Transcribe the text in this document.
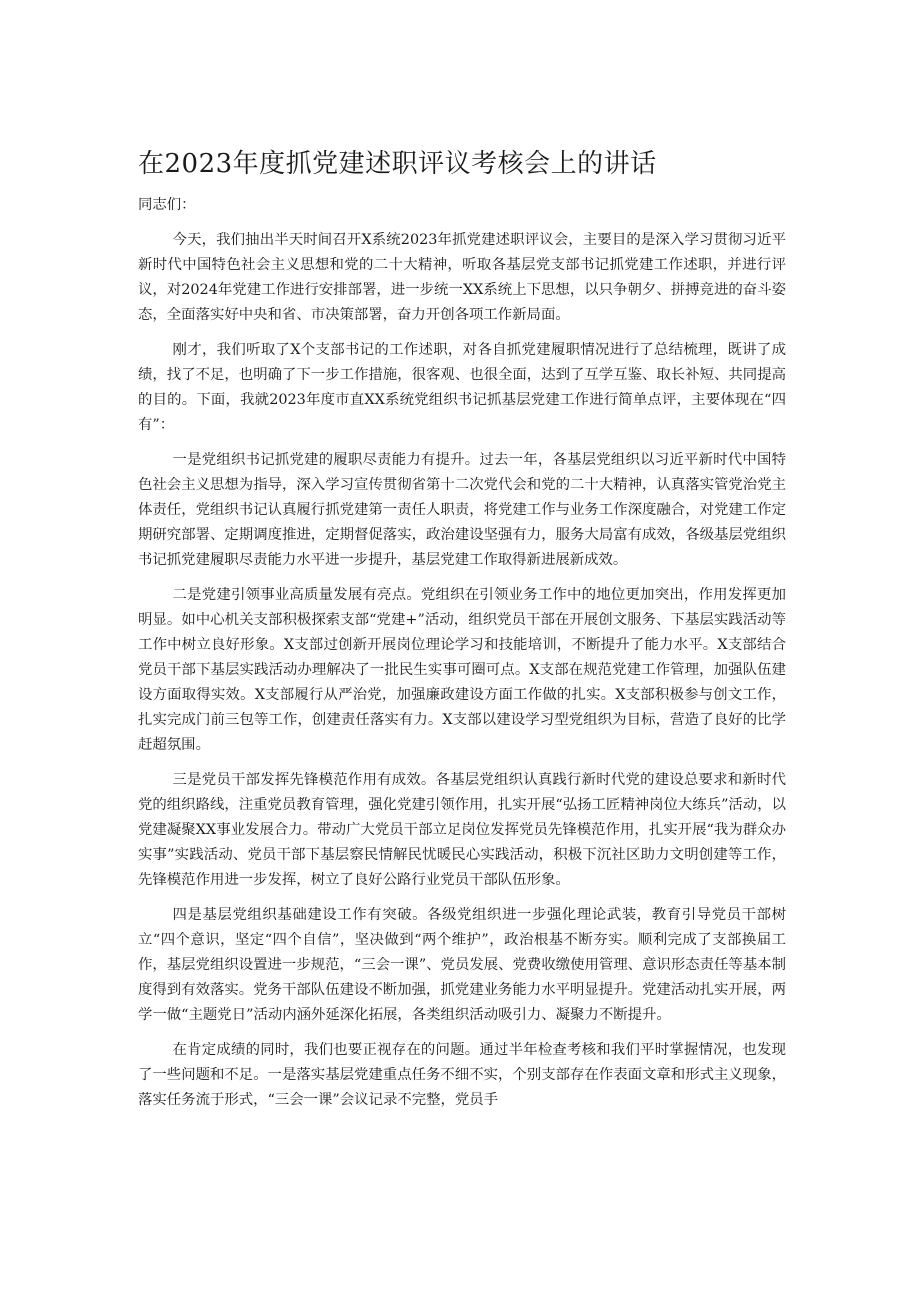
在2023年度抓党建述职评议考核会上的讲话

同志们：

今天，我们抽出半天时间召开X系统2023年抓党建述职评议会，主要目的是深入学习贯彻习近平新时代中国特色社会主义思想和党的二十大精神，听取各基层党支部书记抓党建工作述职，并进行评议，对2024年党建工作进行安排部署，进一步统一XX系统上下思想，以只争朝夕、拼搏竞进的奋斗姿态，全面落实好中央和省、市决策部署，奋力开创各项工作新局面。

刚才，我们听取了X个支部书记的工作述职，对各自抓党建履职情况进行了总结梳理，既讲了成绩，找了不足，也明确了下一步工作措施，很客观、也很全面，达到了互学互鉴、取长补短、共同提高的目的。下面，我就2023年度市直XX系统党组织书记抓基层党建工作进行简单点评，主要体现在“四有”：

一是党组织书记抓党建的履职尽责能力有提升。过去一年，各基层党组织以习近平新时代中国特色社会主义思想为指导，深入学习宣传贯彻省第十二次党代会和党的二十大精神，认真落实管党治党主体责任，党组织书记认真履行抓党建第一责任人职责，将党建工作与业务工作深度融合，对党建工作定期研究部署、定期调度推进，定期督促落实，政治建设坚强有力，服务大局富有成效，各级基层党组织书记抓党建履职尽责能力水平进一步提升，基层党建工作取得新进展新成效。

二是党建引领事业高质量发展有亮点。党组织在引领业务工作中的地位更加突出，作用发挥更加明显。如中心机关支部积极探索支部“党建+”活动，组织党员干部在开展创文服务、下基层实践活动等工作中树立良好形象。X支部过创新开展岗位理论学习和技能培训，不断提升了能力水平。X支部结合党员干部下基层实践活动办理解决了一批民生实事可圈可点。X支部在规范党建工作管理，加强队伍建设方面取得实效。X支部履行从严治党，加强廉政建设方面工作做的扎实。X支部积极参与创文工作，扎实完成门前三包等工作，创建责任落实有力。X支部以建设学习型党组织为目标，营造了良好的比学赶超氛围。

三是党员干部发挥先锋模范作用有成效。各基层党组织认真践行新时代党的建设总要求和新时代党的组织路线，注重党员教育管理，强化党建引领作用，扎实开展“弘扬工匠精神岗位大练兵”活动，以党建凝聚XX事业发展合力。带动广大党员干部立足岗位发挥党员先锋模范作用，扎实开展“我为群众办实事”实践活动、党员干部下基层察民情解民忧暖民心实践活动，积极下沉社区助力文明创建等工作，先锋模范作用进一步发挥，树立了良好公路行业党员干部队伍形象。

四是基层党组织基础建设工作有突破。各级党组织进一步强化理论武装，教育引导党员干部树立“四个意识，坚定“四个自信”，坚决做到“两个维护”，政治根基不断夯实。顺利完成了支部换届工作，基层党组织设置进一步规范，“三会一课”、党员发展、党费收缴使用管理、意识形态责任等基本制度得到有效落实。党务干部队伍建设不断加强，抓党建业务能力水平明显提升。党建活动扎实开展，两学一做“主题党日”活动内涵外延深化拓展，各类组织活动吸引力、凝聚力不断提升。

在肯定成绩的同时，我们也要正视存在的问题。通过半年检查考核和我们平时掌握情况，也发现了一些问题和不足。一是落实基层党建重点任务不细不实，个别支部存在作表面文章和形式主义现象，落实任务流于形式，“三会一课”会议记录不完整，党员手
